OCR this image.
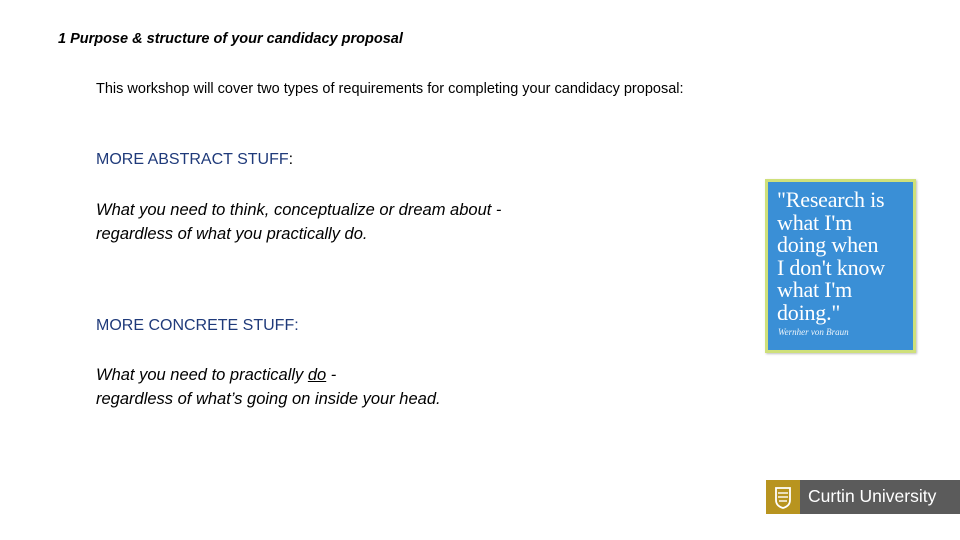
1 Purpose & structure of your candidacy proposal
This workshop will cover two types of requirements for completing your candidacy proposal:
MORE ABSTRACT STUFF:
What you need to think, conceptualize or dream about -
regardless of what you practically do.
MORE CONCRETE STUFF:
What you need to practically do -
regardless of what’s going on inside your head.
"Research is
what I'm
doing when
I don't know
what I'm
doing."
Wernher von Braun
Curtin University
